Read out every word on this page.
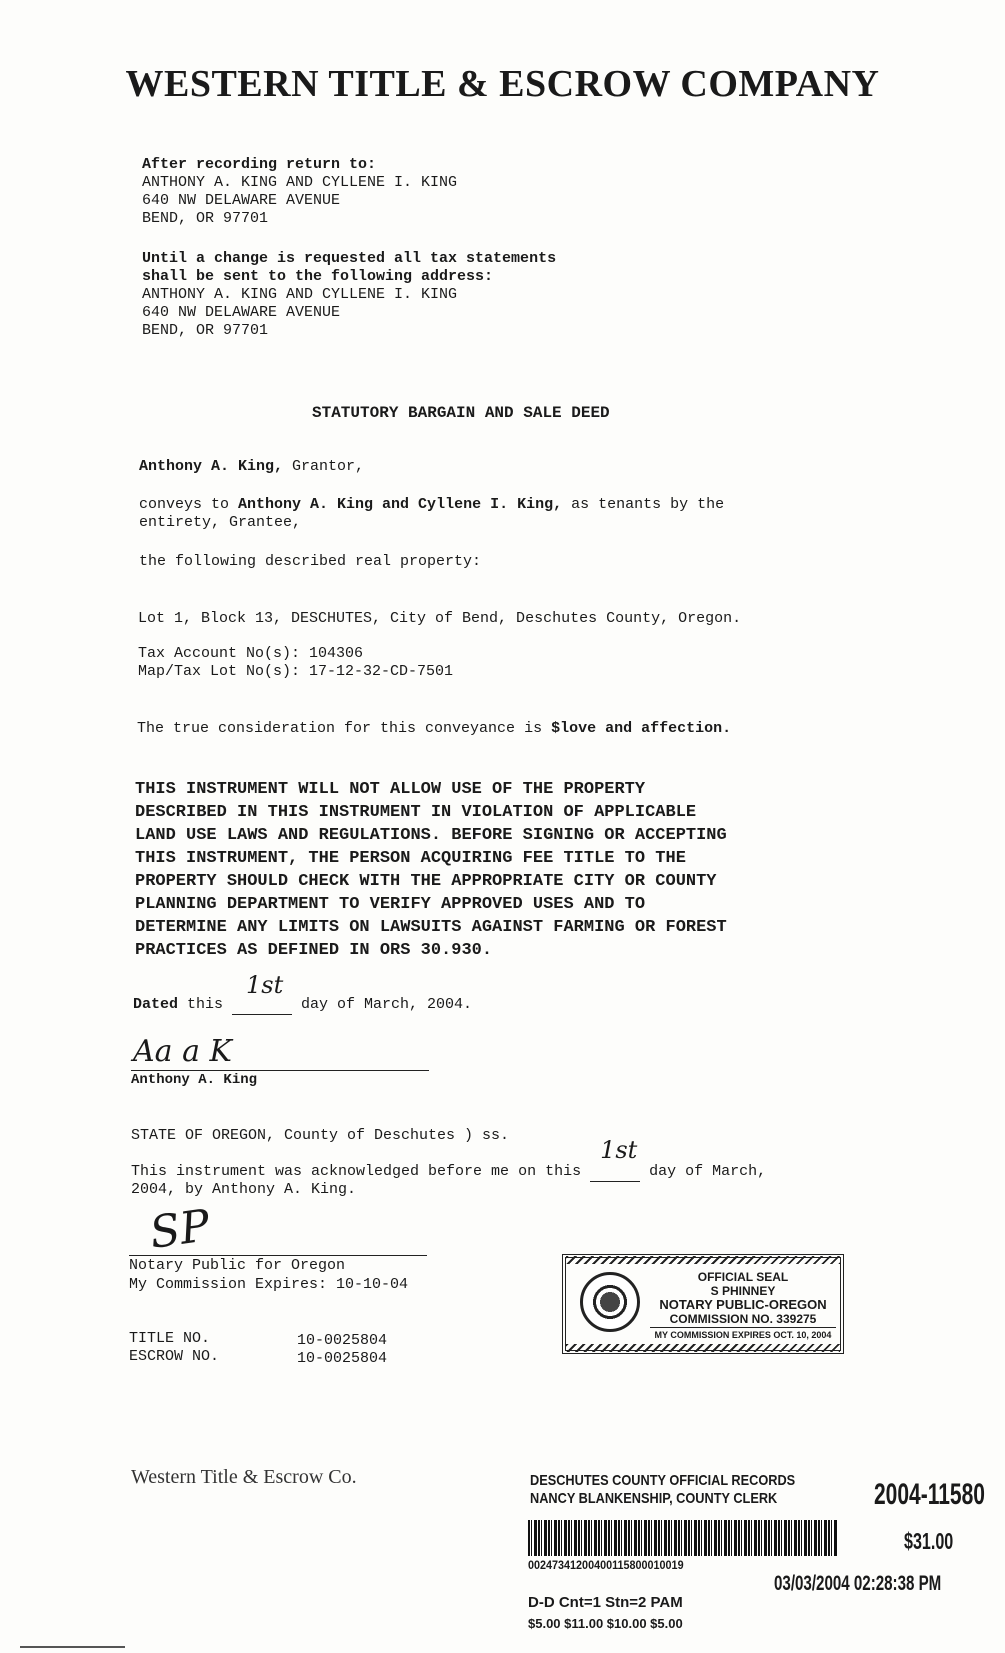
WESTERN TITLE & ESCROW COMPANY

After recording return to:

ANTHONY A. KING AND CYLLENE I. KING

640 NW DELAWARE AVENUE

BEND, OR 97701

Until a change is requested all tax statements

shall be sent to the following address:

ANTHONY A. KING AND CYLLENE I. KING

640 NW DELAWARE AVENUE

BEND, OR 97701

STATUTORY BARGAIN AND SALE DEED
Anthony A. King, Grantor,
conveys to Anthony A. King and Cyllene I. King, as tenants by the
entirety, Grantee,
the following described real property:
Lot 1, Block 13, DESCHUTES, City of Bend, Deschutes County, Oregon.
Tax Account No(s): 104306
Map/Tax Lot No(s): 17-12-32-CD-7501
The true consideration for this conveyance is $love and affection.
THIS INSTRUMENT WILL NOT ALLOW USE OF THE PROPERTY
DESCRIBED IN THIS INSTRUMENT IN VIOLATION OF APPLICABLE
LAND USE LAWS AND REGULATIONS. BEFORE SIGNING OR ACCEPTING
THIS INSTRUMENT, THE PERSON ACQUIRING FEE TITLE TO THE
PROPERTY SHOULD CHECK WITH THE APPROPRIATE CITY OR COUNTY
PLANNING DEPARTMENT TO VERIFY APPROVED USES AND TO
DETERMINE ANY LIMITS ON LAWSUITS AGAINST FARMING OR FOREST
PRACTICES AS DEFINED IN ORS 30.930.
Dated this
1st
day of March, 2004.
Aa a K
Anthony A. King
STATE OF OREGON, County of Deschutes ) ss.
This instrument was acknowledged before me on this
1st
day of March,
2004, by Anthony A. King.
SP
Notary Public for Oregon
My Commission Expires: 10-10-04
TITLE NO.	10-0025804
ESCROW NO.	10-0025804
OFFICIAL SEAL
S PHINNEY
NOTARY PUBLIC-OREGON
COMMISSION NO. 339275
MY COMMISSION EXPIRES OCT. 10, 2004
Western Title & Escrow Co.	DESCHUTES COUNTY OFFICIAL RECORDS
NANCY BLANKENSHIP, COUNTY CLERK	2004-11580
$31.00
00247341200400115800010019
03/03/2004 02:28:38 PM
D-D Cnt=1 Stn=2 PAM
$5.00 $11.00 $10.00 $5.00
